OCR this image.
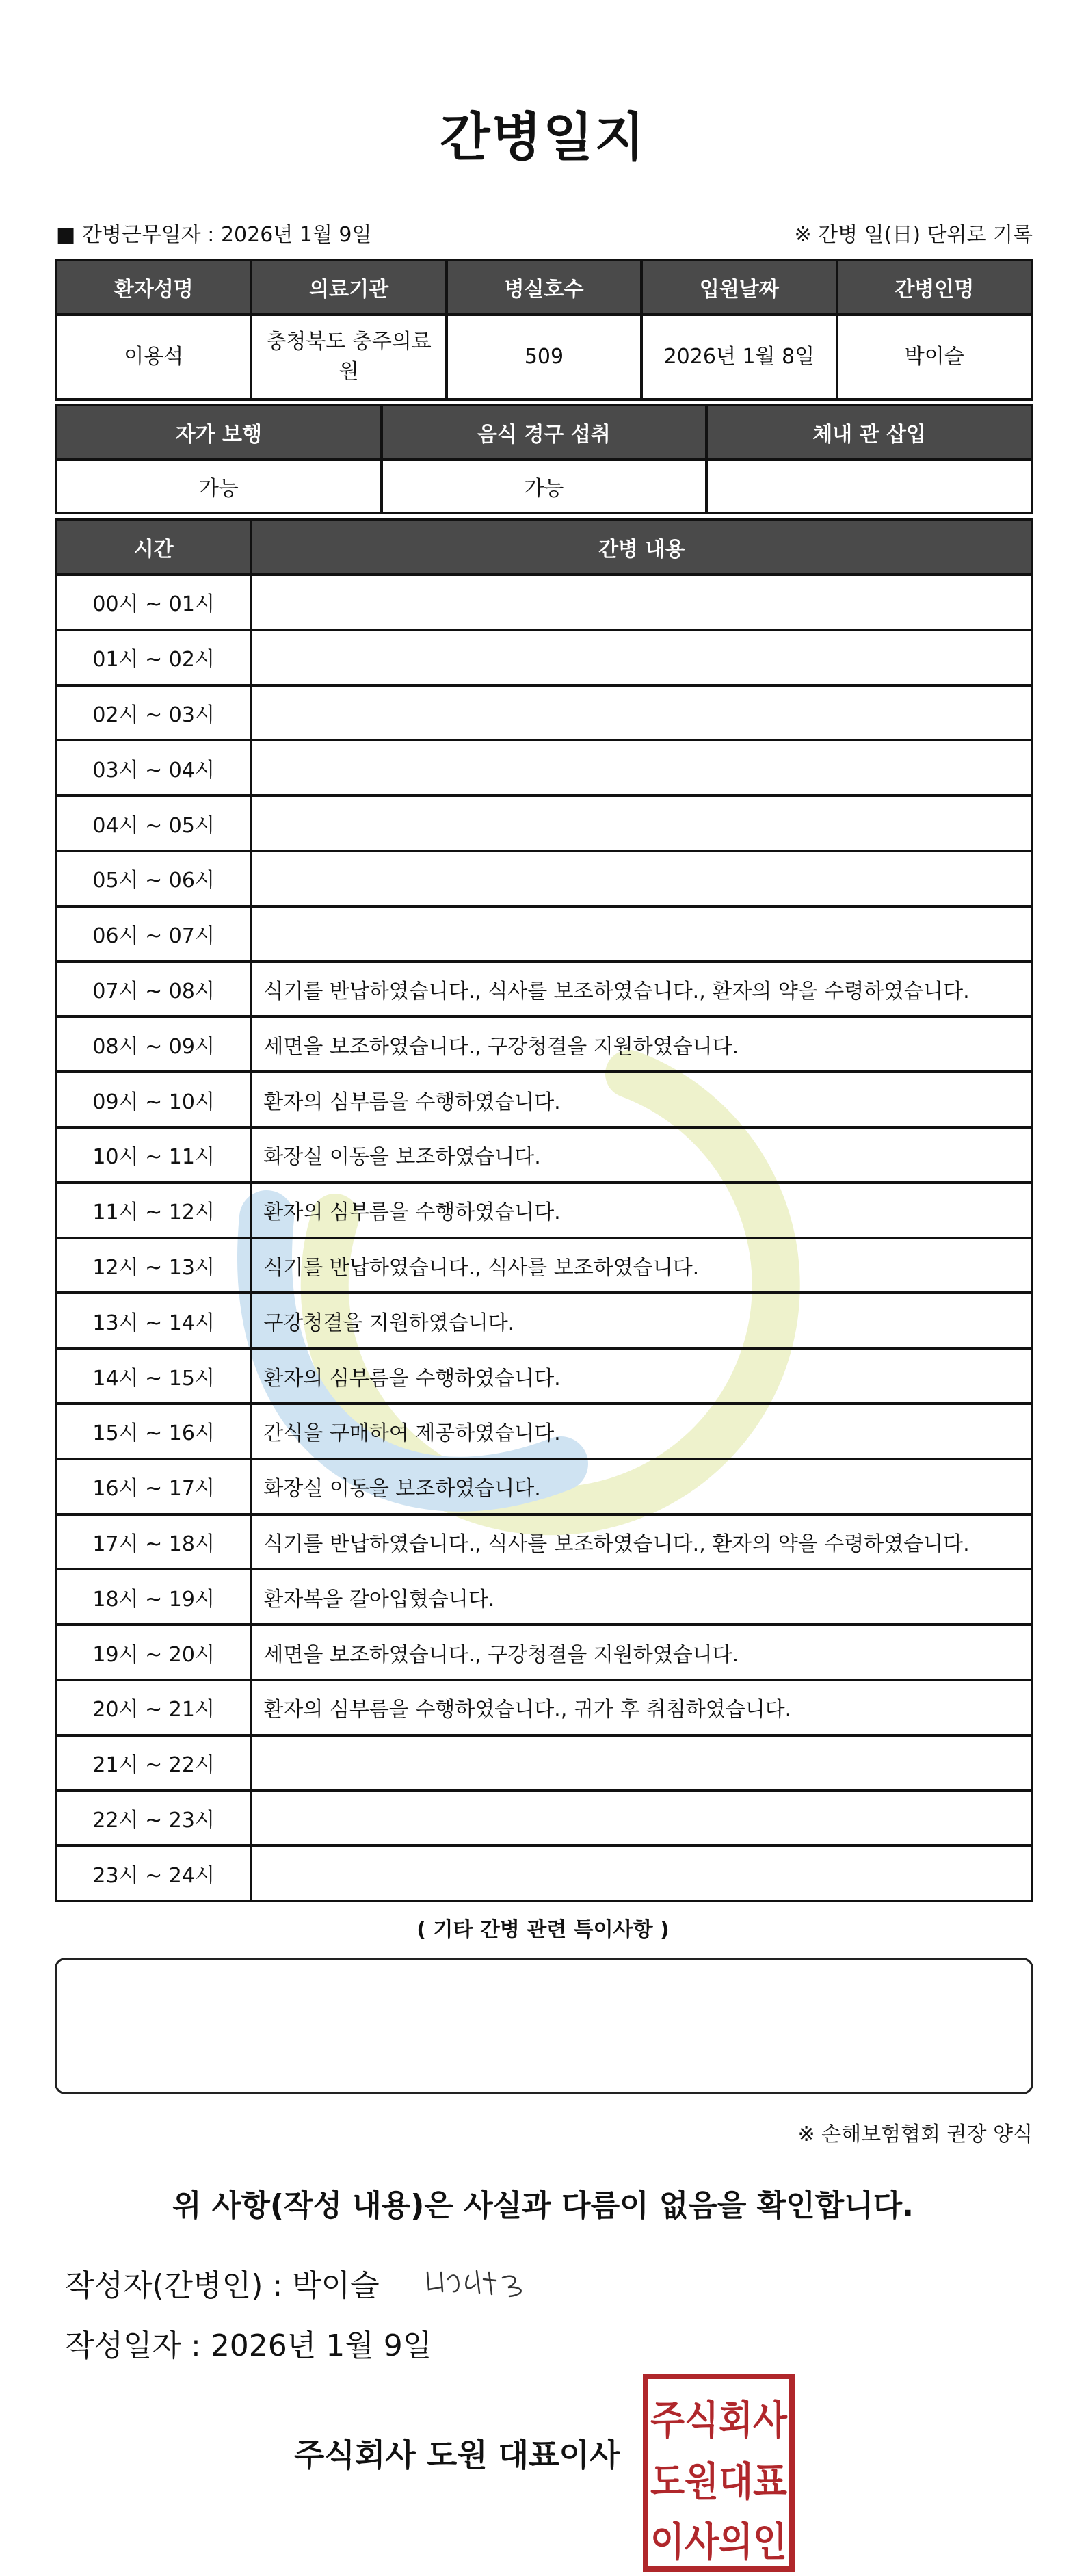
간병일지
■ 간병근무일자 : 2026년 1월 9일	※ 간병 일(日) 단위로 기록
환자성명	의료기관	병실호수	입원날짜	간병인명
이용석	충청북도 충주의료원	509	2026년 1월 8일	박이슬
자가 보행	음식 경구 섭취	체내 관 삽입
가능	가능	
시간	간병 내용
00시 ~ 01시	
01시 ~ 02시	
02시 ~ 03시	
03시 ~ 04시	
04시 ~ 05시	
05시 ~ 06시	
06시 ~ 07시	
07시 ~ 08시	식기를 반납하였습니다., 식사를 보조하였습니다., 환자의 약을 수령하였습니다.
08시 ~ 09시	세면을 보조하였습니다., 구강청결을 지원하였습니다.
09시 ~ 10시	환자의 심부름을 수행하였습니다.
10시 ~ 11시	화장실 이동을 보조하였습니다.
11시 ~ 12시	환자의 심부름을 수행하였습니다.
12시 ~ 13시	식기를 반납하였습니다., 식사를 보조하였습니다.
13시 ~ 14시	구강청결을 지원하였습니다.
14시 ~ 15시	환자의 심부름을 수행하였습니다.
15시 ~ 16시	간식을 구매하여 제공하였습니다.
16시 ~ 17시	화장실 이동을 보조하였습니다.
17시 ~ 18시	식기를 반납하였습니다., 식사를 보조하였습니다., 환자의 약을 수령하였습니다.
18시 ~ 19시	환자복을 갈아입혔습니다.
19시 ~ 20시	세면을 보조하였습니다., 구강청결을 지원하였습니다.
20시 ~ 21시	환자의 심부름을 수행하였습니다., 귀가 후 취침하였습니다.
21시 ~ 22시	
22시 ~ 23시	
23시 ~ 24시	
( 기타 간병 관련 특이사항 )
※ 손해보험협회 권장 양식
위 사항(작성 내용)은 사실과 다름이 없음을 확인합니다.
작성자(간병인) : 박이슬
작성일자 : 2026년 1월 9일
주식회사 도원 대표이사
주식회사
도원대표
이사의인
